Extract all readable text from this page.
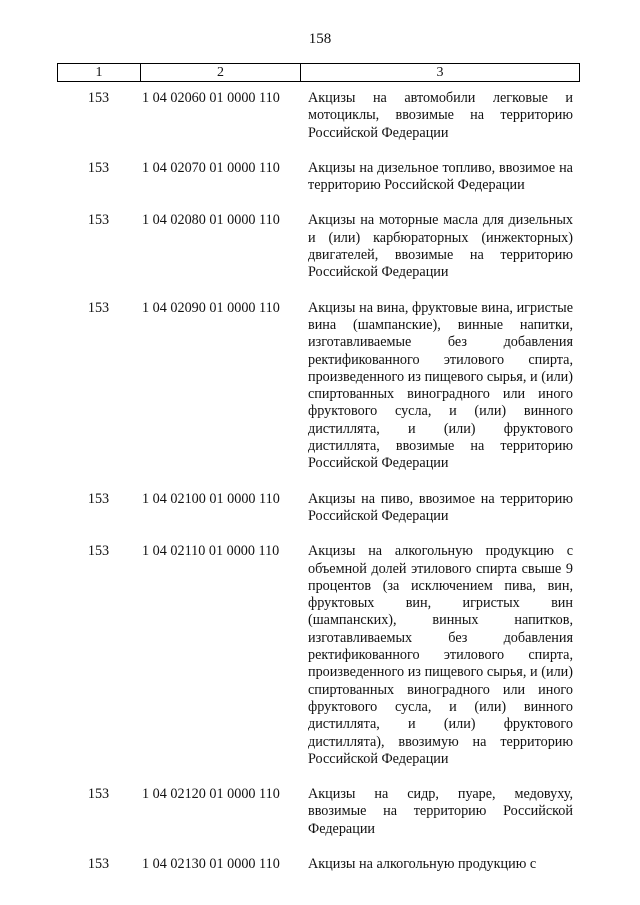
158
1	2	3
153	1 04 02060 01 0000 110	Акцизы на автомобили легковые и мотоциклы, ввозимые на территорию Российской Федерации
153	1 04 02070 01 0000 110	Акцизы на дизельное топливо, ввозимое на территорию Российской Федерации
153	1 04 02080 01 0000 110	Акцизы на моторные масла для дизельных и (или) карбюраторных (инжекторных) двигателей, ввозимые на территорию Российской Федерации
153	1 04 02090 01 0000 110	Акцизы на вина, фруктовые вина, игристые вина (шампанские), винные напитки, изготавливаемые без добавления ректификованного этилового спирта, произведенного из пищевого сырья, и (или) спиртованных виноградного или иного фруктового сусла, и (или) винного дистиллята, и (или) фруктового дистиллята, ввозимые на территорию Российской Федерации
153	1 04 02100 01 0000 110	Акцизы на пиво, ввозимое на территорию Российской Федерации
153	1 04 02110 01 0000 110	Акцизы на алкогольную продукцию с объемной долей этилового спирта свыше 9 процентов (за исключением пива, вин, фруктовых вин, игристых вин (шампанских), винных напитков, изготавливаемых без добавления ректификованного этилового спирта, произведенного из пищевого сырья, и (или) спиртованных виноградного или иного фруктового сусла, и (или) винного дистиллята, и (или) фруктового дистиллята), ввозимую на территорию Российской Федерации
153	1 04 02120 01 0000 110	Акцизы на сидр, пуаре, медовуху, ввозимые на территорию Российской Федерации
153	1 04 02130 01 0000 110	Акцизы на алкогольную продукцию с
